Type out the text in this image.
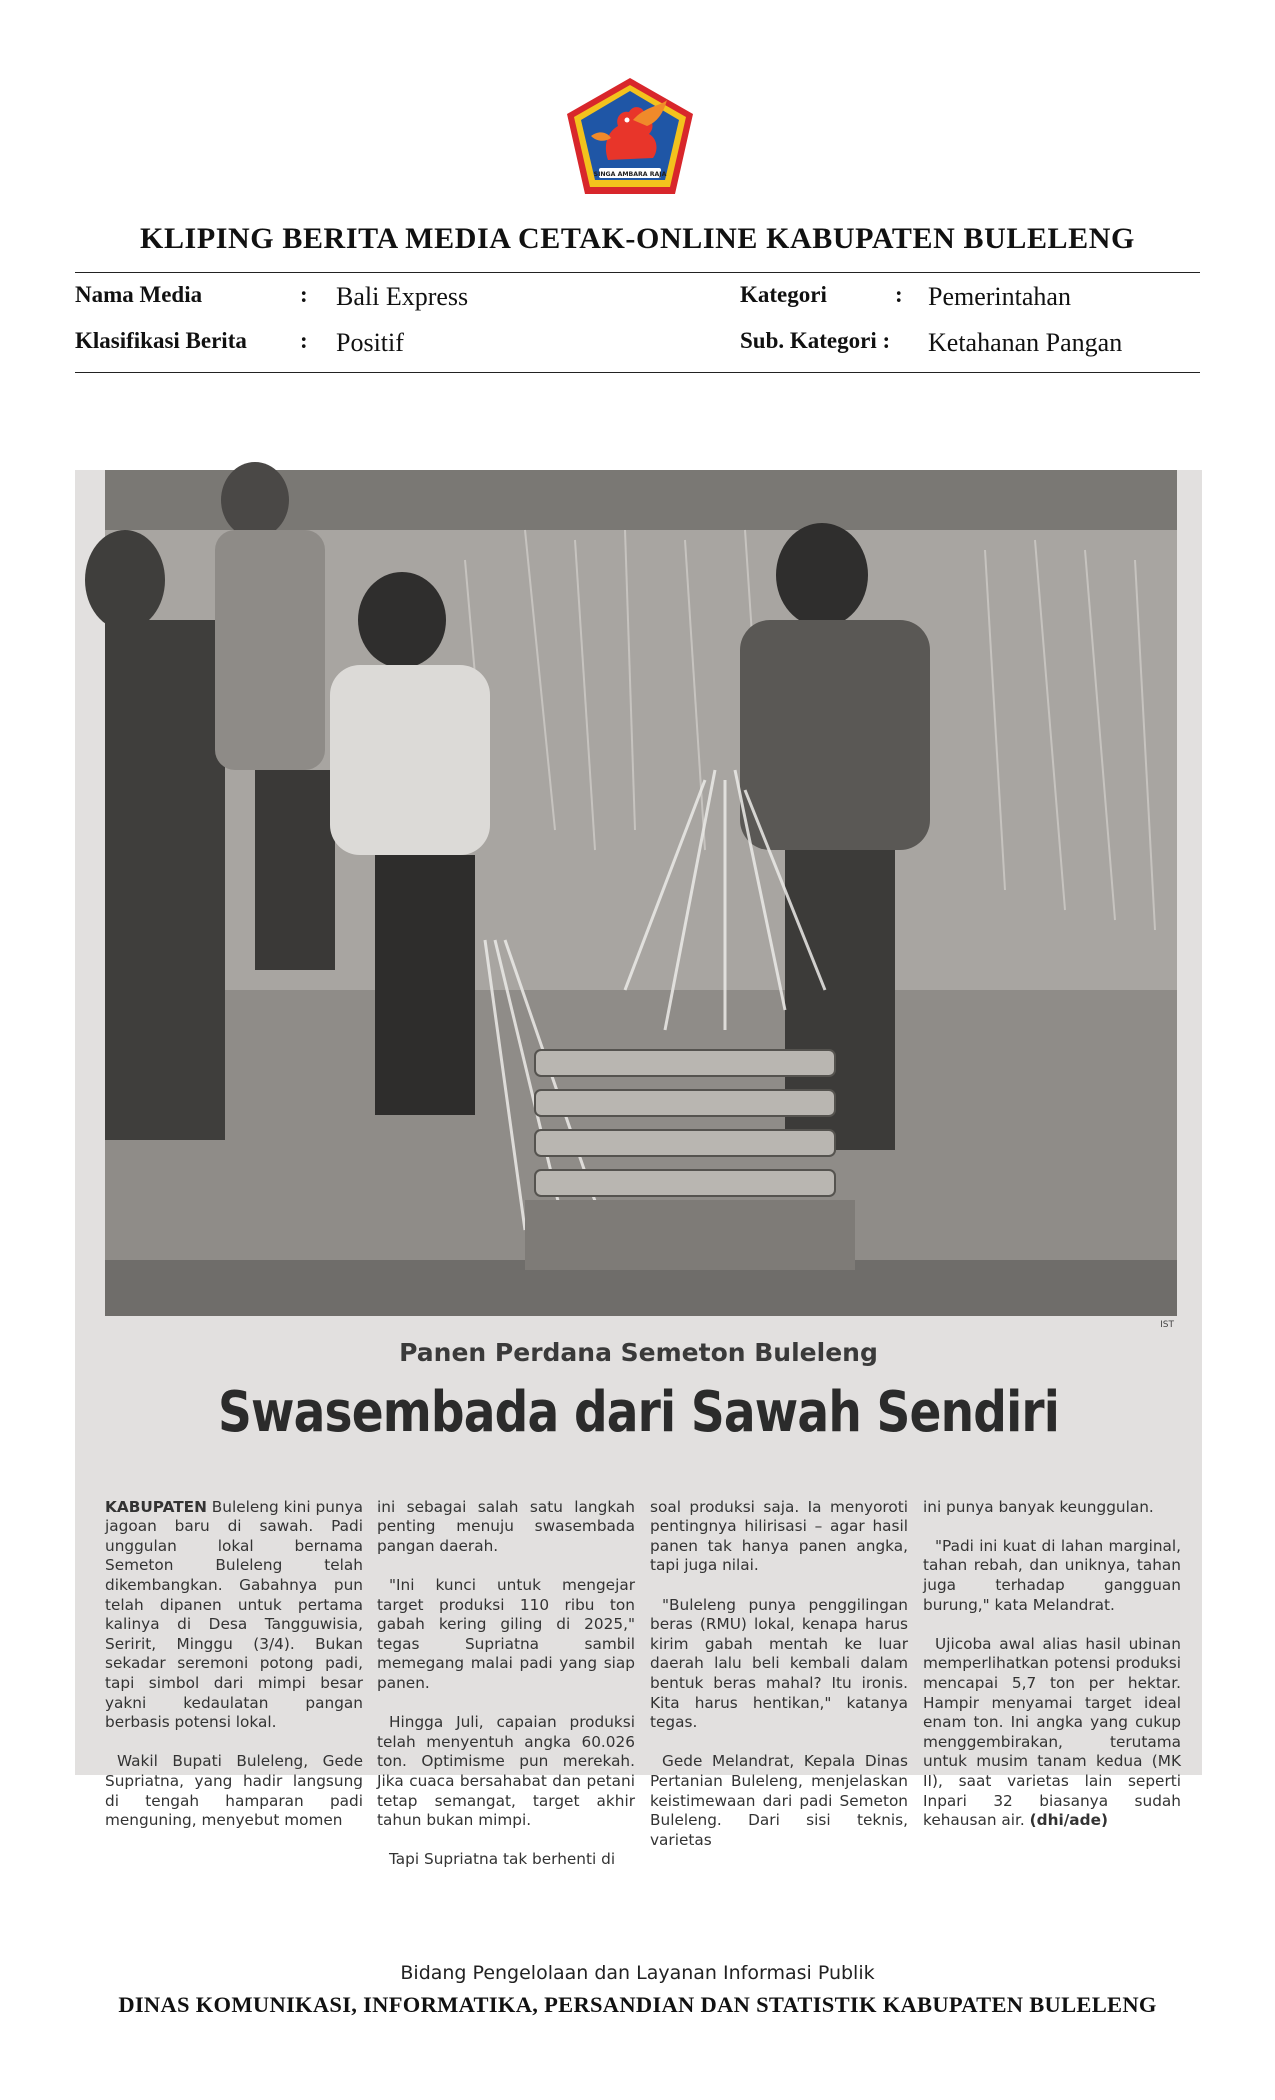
SINGA AMBARA RAJA
KLIPING BERITA MEDIA CETAK-ONLINE KABUPATEN BULELENG
Nama Media	: Bali Express	Kategori	: Pemerintahan
Klasifikasi Berita : Positif	Sub. Kategori : Ketahanan Pangan
IST
Panen Perdana Semeton Buleleng
Swasembada dari Sawah Sendiri

KABUPATEN Buleleng kini punya jagoan baru di sawah. Padi unggulan lokal bernama Semeton Buleleng telah dikembangkan. Gabahnya pun telah dipanen untuk pertama kalinya di Desa Tangguwisia, Seririt, Minggu (3/4). Bukan sekadar seremoni potong padi, tapi simbol dari mimpi besar yakni kedaulatan pangan berbasis potensi lokal.

Wakil Bupati Buleleng, Gede Supriatna, yang hadir langsung di tengah hamparan padi menguning, menyebut momen

ini sebagai salah satu langkah penting menuju swasembada pangan daerah.

"Ini kunci untuk mengejar target produksi 110 ribu ton gabah kering giling di 2025," tegas Supriatna sambil memegang malai padi yang siap panen.

Hingga Juli, capaian produksi telah menyentuh angka 60.026 ton. Optimisme pun merekah. Jika cuaca bersahabat dan petani tetap semangat, target akhir tahun bukan mimpi.

Tapi Supriatna tak berhenti di

soal produksi saja. Ia menyoroti pentingnya hilirisasi – agar hasil panen tak hanya panen angka, tapi juga nilai.

"Buleleng punya penggilingan beras (RMU) lokal, kenapa harus kirim gabah mentah ke luar daerah lalu beli kembali dalam bentuk beras mahal? Itu ironis. Kita harus hentikan," katanya tegas.

Gede Melandrat, Kepala Dinas Pertanian Buleleng, menjelaskan keistimewaan dari padi Semeton Buleleng. Dari sisi teknis, varietas

ini punya banyak keunggulan.

"Padi ini kuat di lahan marginal, tahan rebah, dan uniknya, tahan juga terhadap gangguan burung," kata Melandrat.

Ujicoba awal alias hasil ubinan memperlihatkan potensi produksi mencapai 5,7 ton per hektar. Hampir menyamai target ideal enam ton. Ini angka yang cukup menggembirakan, terutama untuk musim tanam kedua (MK II), saat varietas lain seperti Inpari 32 biasanya sudah kehausan air. (dhi/ade)

Bidang Pengelolaan dan Layanan Informasi Publik
DINAS KOMUNIKASI, INFORMATIKA, PERSANDIAN DAN STATISTIK KABUPATEN BULELENG
